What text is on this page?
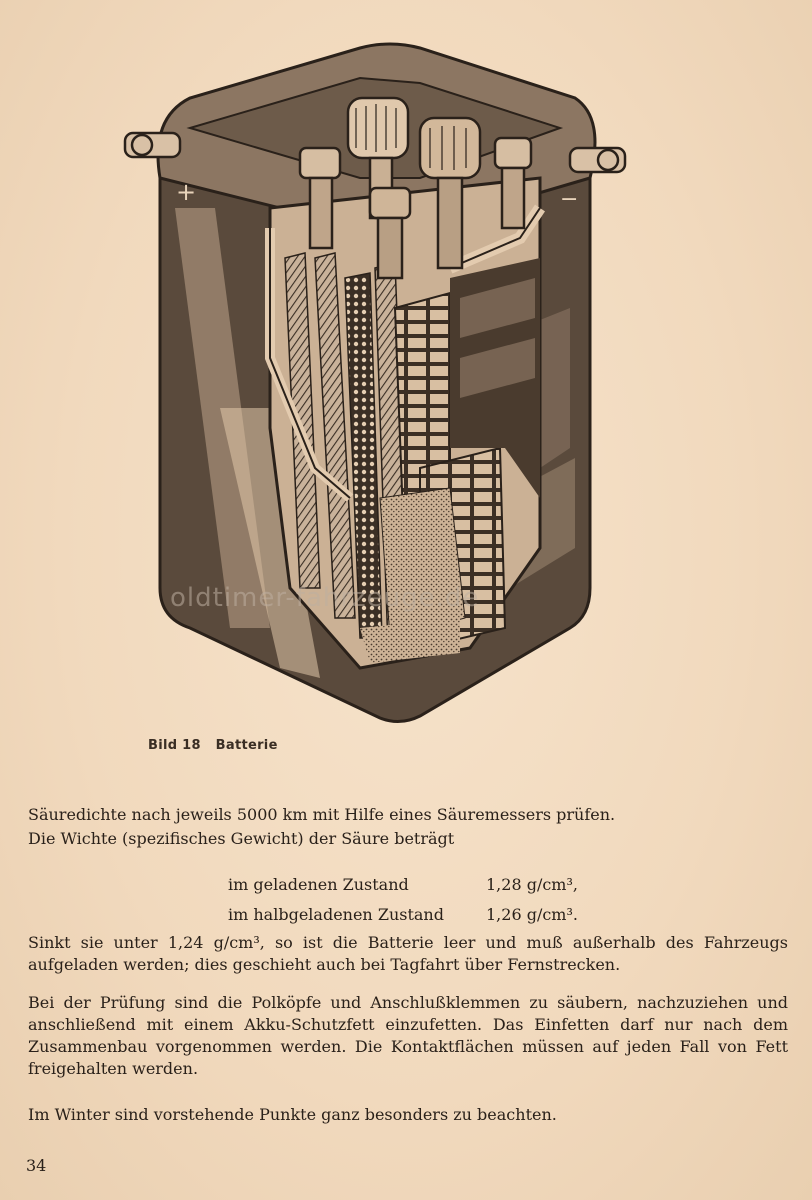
+	−
oldtimer-fahrzeuge.de
Bild 18 Batterie

Säuredichte nach jeweils 5000 km mit Hilfe eines Säuremessers prüfen.

Die Wichte (spezifisches Gewicht) der Säure beträgt

im geladenen Zustand	1,28 g/cm³,
im halbgeladenen Zustand	1,26 g/cm³.

Sinkt sie unter 1,24 g/cm³, so ist die Batterie leer und muß außerhalb des Fahrzeugs aufgeladen werden; dies geschieht auch bei Tagfahrt über Fernstrecken.

Bei der Prüfung sind die Polköpfe und Anschlußklemmen zu säubern, nachzuziehen und anschließend mit einem Akku-Schutzfett einzufetten. Das Einfetten darf nur nach dem Zusammenbau vorgenommen werden. Die Kontaktflächen müssen auf jeden Fall von Fett freigehalten werden.

Im Winter sind vorstehende Punkte ganz besonders zu beachten.

34
